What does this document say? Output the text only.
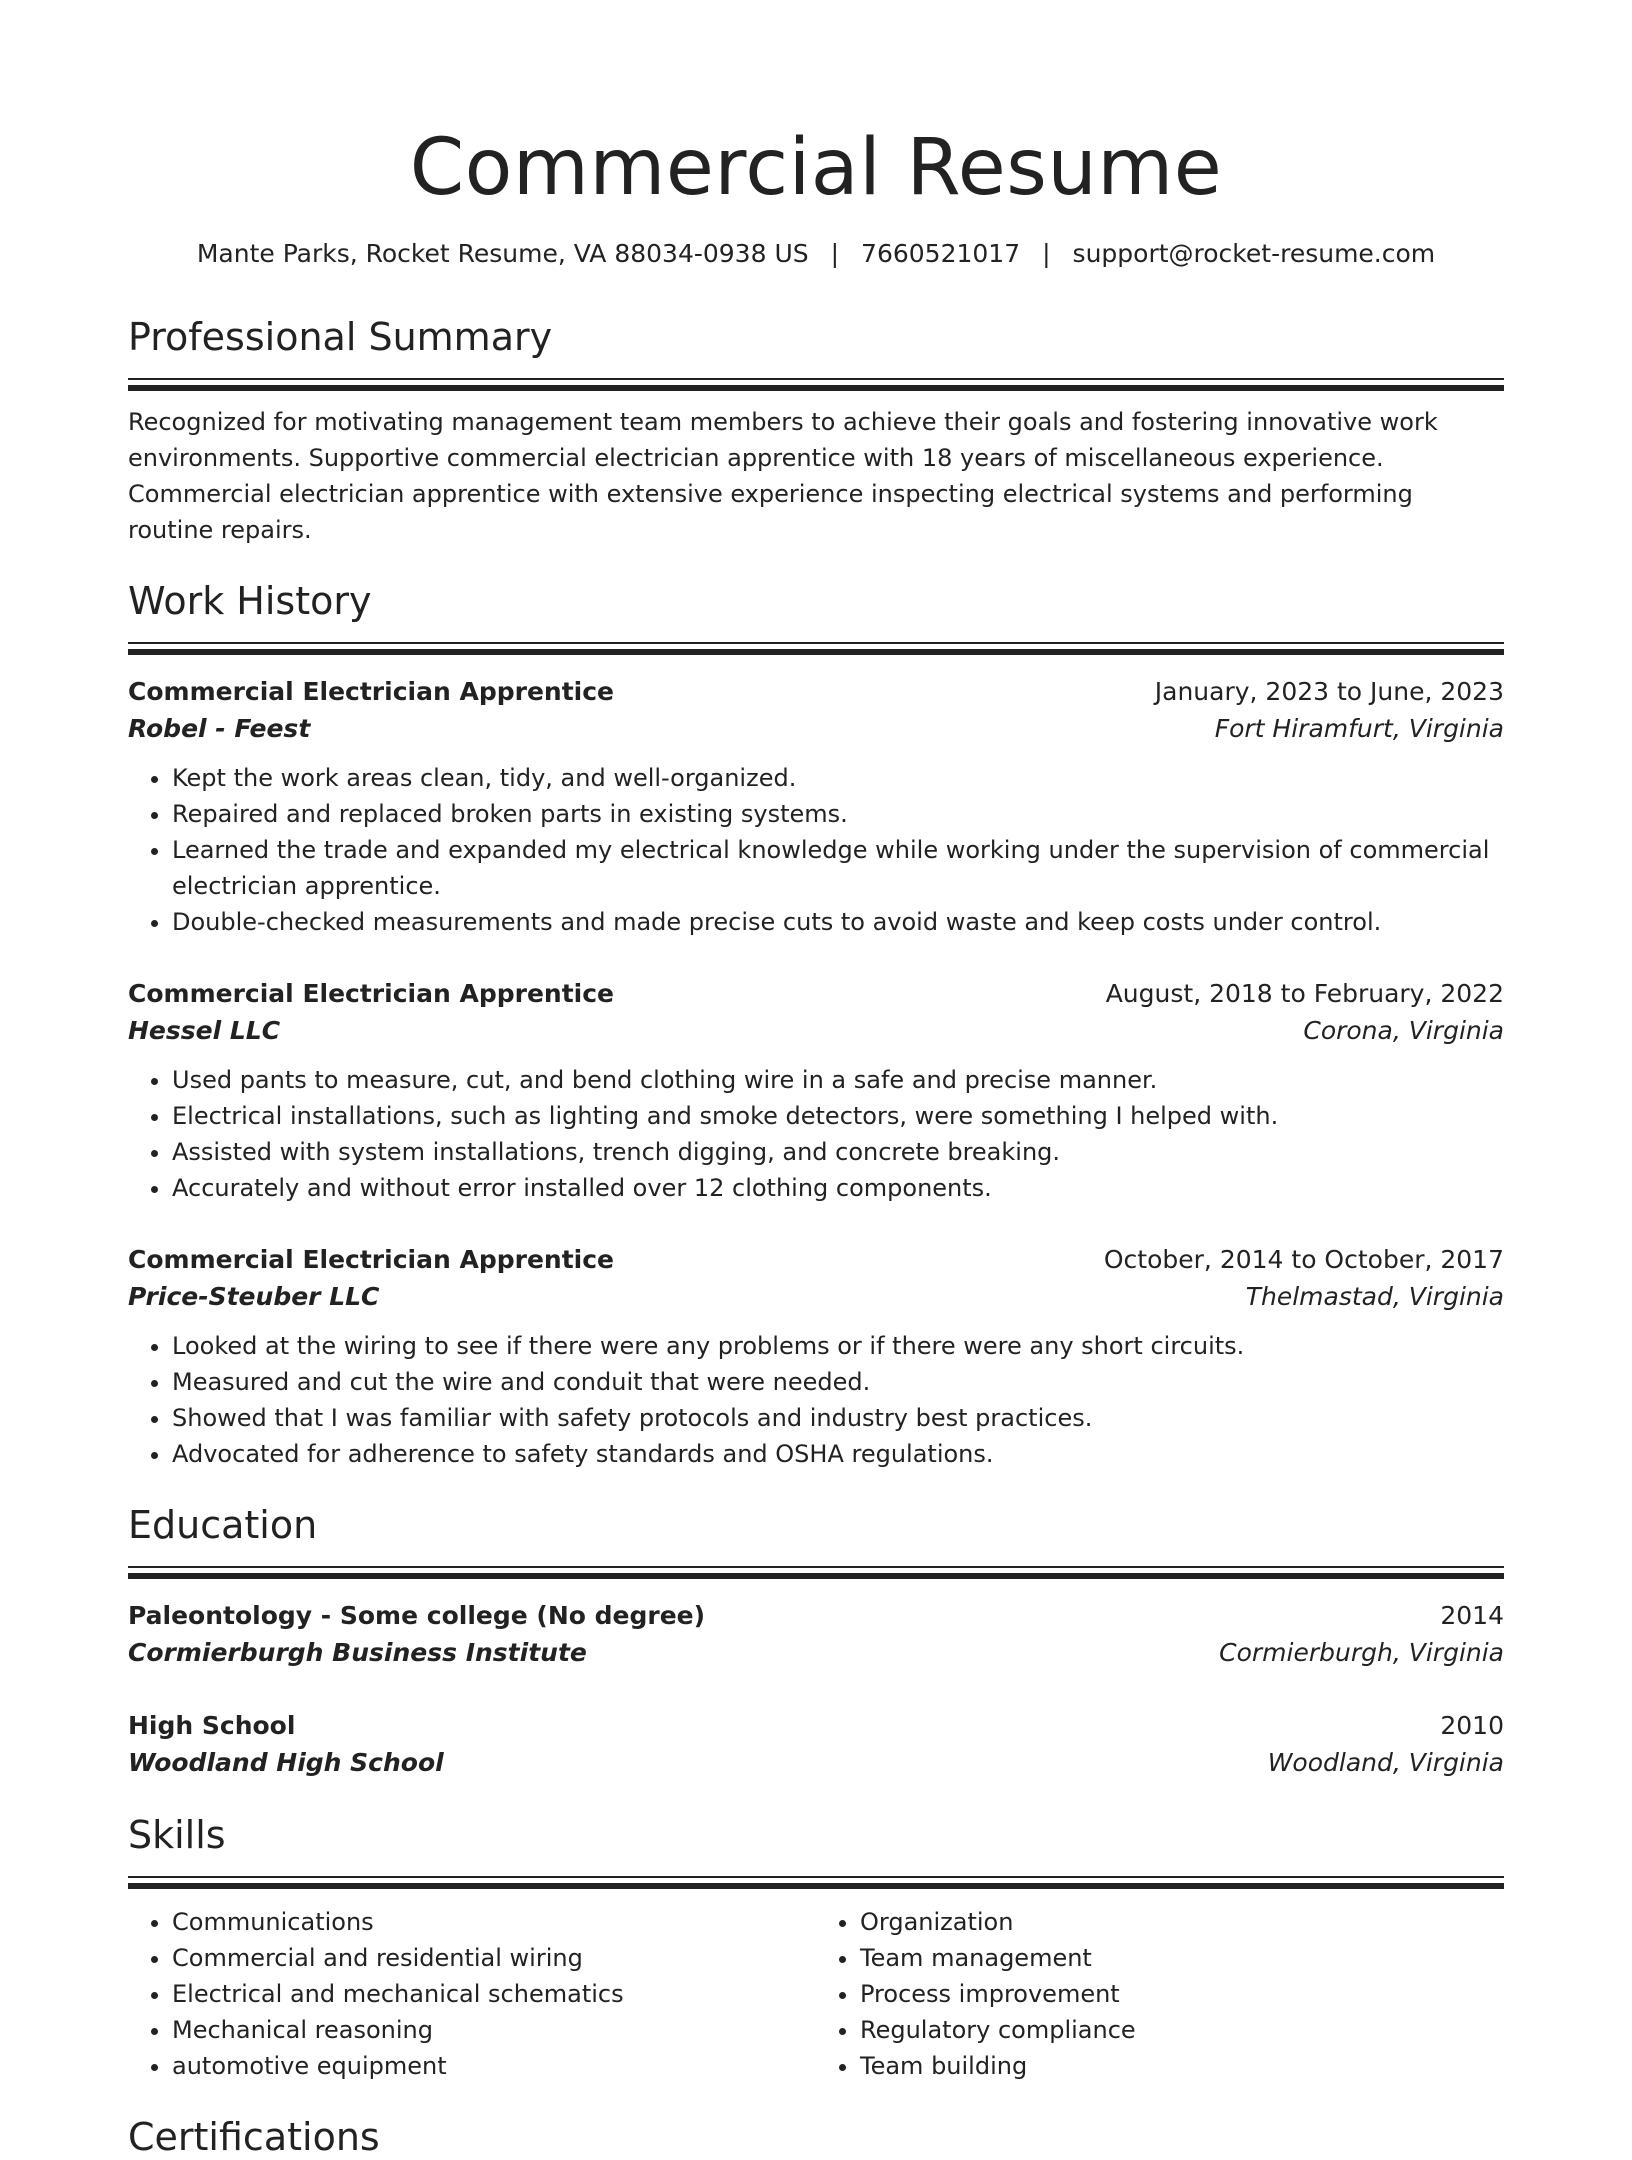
Commercial Resume
Mante Parks, Rocket Resume, VA 88034-0938 US | 7660521017 | support@rocket-resume.com
Professional Summary
Recognized for motivating management team members to achieve their goals and fostering innovative work environments. Supportive commercial electrician apprentice with 18 years of miscellaneous experience. Commercial electrician apprentice with extensive experience inspecting electrical systems and performing routine repairs.
Work History
Commercial Electrician Apprentice	January, 2023 to June, 2023
Robel - Feest	Fort Hiramfurt, Virginia
• Kept the work areas clean, tidy, and well-organized.
• Repaired and replaced broken parts in existing systems.
• Learned the trade and expanded my electrical knowledge while working under the supervision of commercial electrician apprentice.
• Double-checked measurements and made precise cuts to avoid waste and keep costs under control.
Commercial Electrician Apprentice	August, 2018 to February, 2022
Hessel LLC	Corona, Virginia
• Used pants to measure, cut, and bend clothing wire in a safe and precise manner.
• Electrical installations, such as lighting and smoke detectors, were something I helped with.
• Assisted with system installations, trench digging, and concrete breaking.
• Accurately and without error installed over 12 clothing components.
Commercial Electrician Apprentice	October, 2014 to October, 2017
Price-Steuber LLC	Thelmastad, Virginia
• Looked at the wiring to see if there were any problems or if there were any short circuits.
• Measured and cut the wire and conduit that were needed.
• Showed that I was familiar with safety protocols and industry best practices.
• Advocated for adherence to safety standards and OSHA regulations.
Education
Paleontology - Some college (No degree)	2014
Cormierburgh Business Institute	Cormierburgh, Virginia
High School	2010
Woodland High School	Woodland, Virginia
Skills
• Communications
• Commercial and residential wiring
• Electrical and mechanical schematics
• Mechanical reasoning
• automotive equipment
• Organization
• Team management
• Process improvement
• Regulatory compliance
• Team building
Certifications
